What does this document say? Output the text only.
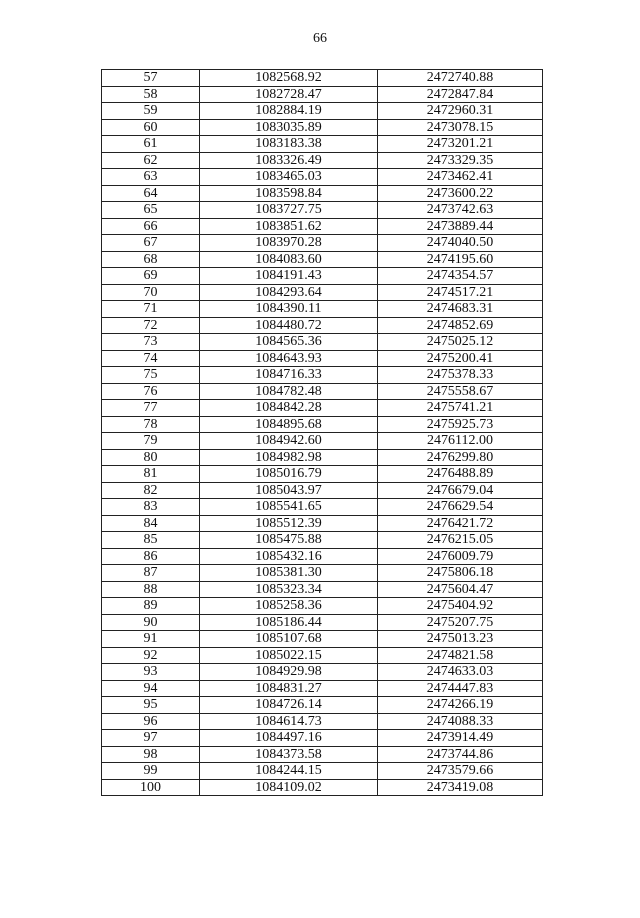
66
57	1082568.92	2472740.88
58	1082728.47	2472847.84
59	1082884.19	2472960.31
60	1083035.89	2473078.15
61	1083183.38	2473201.21
62	1083326.49	2473329.35
63	1083465.03	2473462.41
64	1083598.84	2473600.22
65	1083727.75	2473742.63
66	1083851.62	2473889.44
67	1083970.28	2474040.50
68	1084083.60	2474195.60
69	1084191.43	2474354.57
70	1084293.64	2474517.21
71	1084390.11	2474683.31
72	1084480.72	2474852.69
73	1084565.36	2475025.12
74	1084643.93	2475200.41
75	1084716.33	2475378.33
76	1084782.48	2475558.67
77	1084842.28	2475741.21
78	1084895.68	2475925.73
79	1084942.60	2476112.00
80	1084982.98	2476299.80
81	1085016.79	2476488.89
82	1085043.97	2476679.04
83	1085541.65	2476629.54
84	1085512.39	2476421.72
85	1085475.88	2476215.05
86	1085432.16	2476009.79
87	1085381.30	2475806.18
88	1085323.34	2475604.47
89	1085258.36	2475404.92
90	1085186.44	2475207.75
91	1085107.68	2475013.23
92	1085022.15	2474821.58
93	1084929.98	2474633.03
94	1084831.27	2474447.83
95	1084726.14	2474266.19
96	1084614.73	2474088.33
97	1084497.16	2473914.49
98	1084373.58	2473744.86
99	1084244.15	2473579.66
100	1084109.02	2473419.08
